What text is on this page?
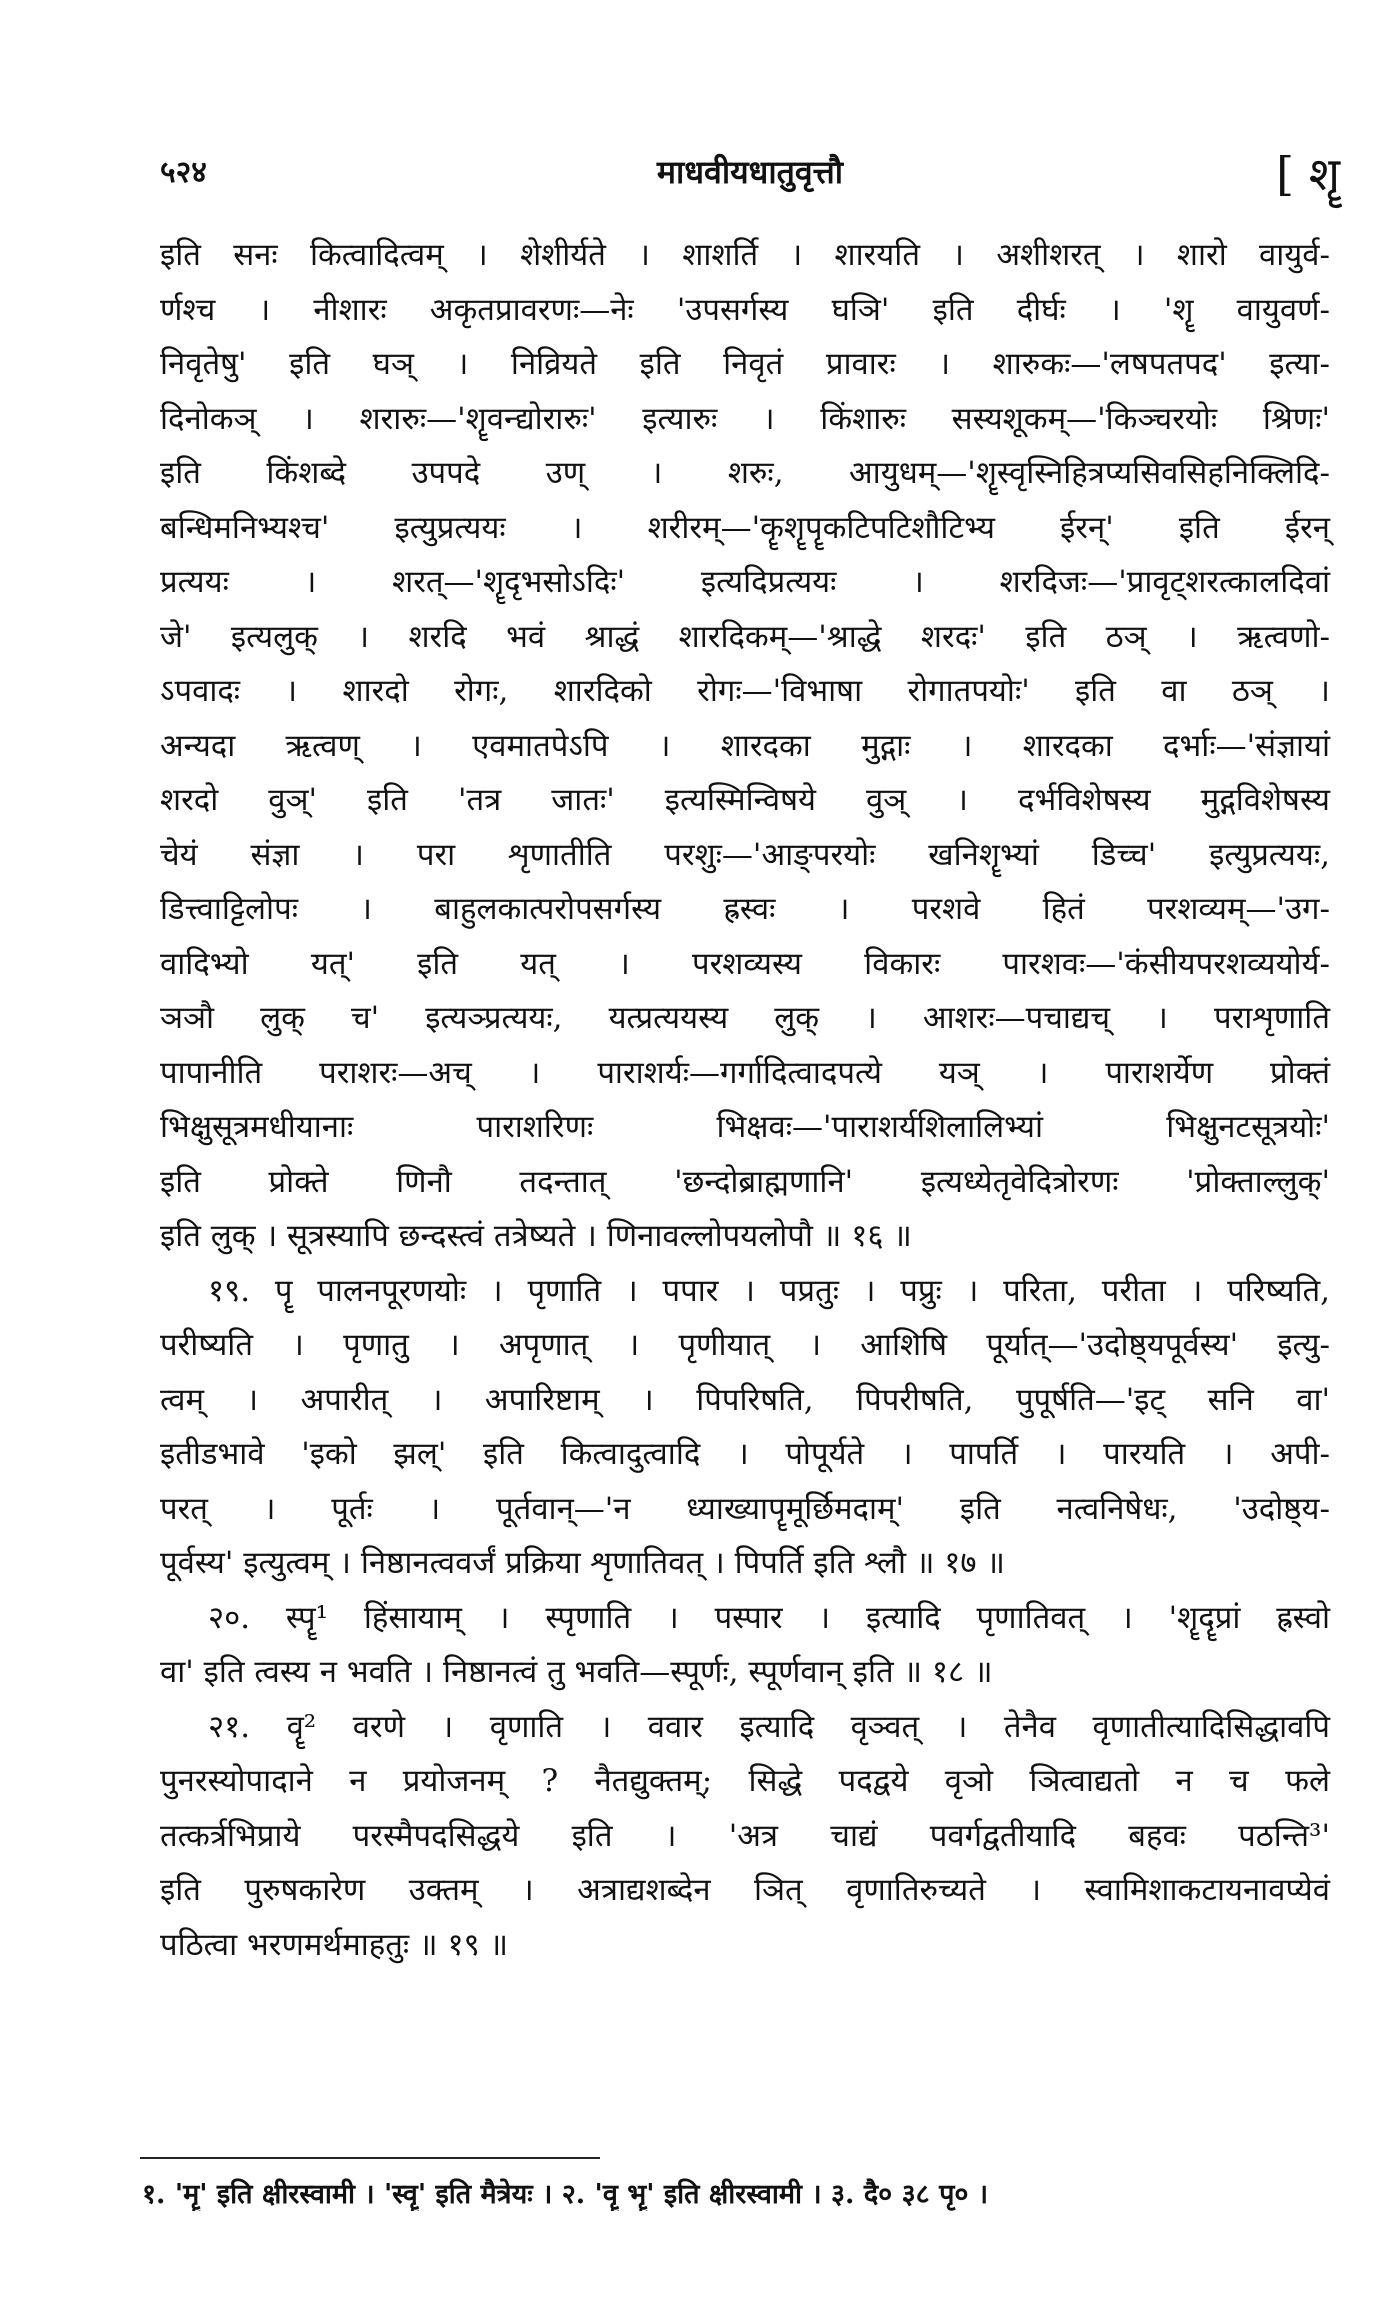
५२४	माधवीयधातुवृत्तौ	[ शॄ

इति सनः कित्वादित्वम् । शेशीर्यते । शाशर्ति । शारयति । अशीशरत् । शारो वायुर्व-

र्णश्च । नीशारः अकृतप्रावरणः—नेः 'उपसर्गस्य घञि' इति दीर्घः । 'शॄ वायुवर्ण-

निवृतेषु' इति घञ् । निव्रियते इति निवृतं प्रावारः । शारुकः—'लषपतपद' इत्या-

दिनोकञ् । शरारुः—'शॄवन्द्योरारुः' इत्यारुः । किंशारुः सस्यशूकम्—'किञ्चरयोः श्रिणः'

इति किंशब्दे उपपदे उण् । शरुः, आयुधम्—'शॄस्वृस्निहित्रप्यसिवसिहनिक्लिदि-

बन्धिमनिभ्यश्च' इत्युप्रत्ययः । शरीरम्—'कॄशॄपॄकटिपटिशौटिभ्य ईरन्' इति ईरन्

प्रत्ययः । शरत्—'शॄदृभसोऽदिः' इत्यदिप्रत्ययः । शरदिजः—'प्रावृट्शरत्कालदिवां

जे' इत्यलुक् । शरदि भवं श्राद्धं शारदिकम्—'श्राद्धे शरदः' इति ठञ् । ऋत्वणो-

ऽपवादः । शारदो रोगः, शारदिको रोगः—'विभाषा रोगातपयोः' इति वा ठञ् ।

अन्यदा ऋत्वण् । एवमातपेऽपि । शारदका मुद्गाः । शारदका दर्भाः—'संज्ञायां

शरदो वुञ्' इति 'तत्र जातः' इत्यस्मिन्विषये वुञ् । दर्भविशेषस्य मुद्गविशेषस्य

चेयं संज्ञा । परा शृणातीति परशुः—'आङ्परयोः खनिशॄभ्यां डिच्च' इत्युप्रत्ययः,

डित्त्वाट्टिलोपः । बाहुलकात्परोपसर्गस्य ह्रस्वः । परशवे हितं परशव्यम्—'उग-

वादिभ्यो यत्' इति यत् । परशव्यस्य विकारः पारशवः—'कंसीयपरशव्ययोर्य-

ञञौ लुक् च' इत्यञ्प्रत्ययः, यत्प्रत्ययस्य लुक् । आशरः—पचाद्यच् । पराशृणाति

पापानीति पराशरः—अच् । पाराशर्यः—गर्गादित्वादपत्ये यञ् । पाराशर्येण प्रोक्तं

भिक्षुसूत्रमधीयानाः पाराशरिणः भिक्षवः—'पाराशर्यशिलालिभ्यां भिक्षुनटसूत्रयोः'

इति प्रोक्ते णिनौ तदन्तात् 'छन्दोब्राह्मणानि' इत्यध्येतृवेदित्रोरणः 'प्रोक्ताल्लुक्'

इति लुक् । सूत्रस्यापि छन्दस्त्वं तत्रेष्यते । णिनावल्लोपयलोपौ ॥ १६ ॥

१९. पॄ पालनपूरणयोः । पृणाति । पपार । पप्रतुः । पप्रुः । परिता, परीता । परिष्यति,

परीष्यति । पृणातु । अपृणात् । पृणीयात् । आशिषि पूर्यात्—'उदोष्ठ्यपूर्वस्य' इत्यु-

त्वम् । अपारीत् । अपारिष्टाम् । पिपरिषति, पिपरीषति, पुपूर्षति—'इट् सनि वा'

इतीडभावे 'इको झल्' इति कित्वादुत्वादि । पोपूर्यते । पापर्ति । पारयति । अपी-

परत् । पूर्तः । पूर्तवान्—'न ध्याख्यापॄमूर्छिमदाम्' इति नत्वनिषेधः, 'उदोष्ठ्य-

पूर्वस्य' इत्युत्वम् । निष्ठानत्ववर्जं प्रक्रिया शृणातिवत् । पिपर्ति इति श्लौ ॥ १७ ॥

२०. स्पॄ¹ हिंसायाम् । स्पृणाति । पस्पार । इत्यादि पृणातिवत् । 'शॄदॄप्रां ह्रस्वो

वा' इति त्वस्य न भवति । निष्ठानत्वं तु भवति—स्पूर्णः, स्पूर्णवान् इति ॥ १८ ॥

२१. वॄ² वरणे । वृणाति । ववार इत्यादि वृञ्वत् । तेनैव वृणातीत्यादिसिद्धावपि

पुनरस्योपादाने न प्रयोजनम् ? नैतद्युक्तम्; सिद्धे पदद्वये वृञो ञित्वाद्यतो न च फले

तत्कर्त्रभिप्राये परस्मैपदसिद्धये इति । 'अत्र चाद्यं पवर्गद्वतीयादि बहवः पठन्ति³'

इति पुरुषकारेण उक्तम् । अत्राद्यशब्देन ञित् वृणातिरुच्यते । स्वामिशाकटायनावप्येवं

पठित्वा भरणमर्थमाहतुः ॥ १९ ॥

१. 'मॄ' इति क्षीरस्वामी । 'स्वॄ' इति मैत्रेयः । २. 'वॄ भॄ' इति क्षीरस्वामी । ३. दै० ३८ पृ० ।
